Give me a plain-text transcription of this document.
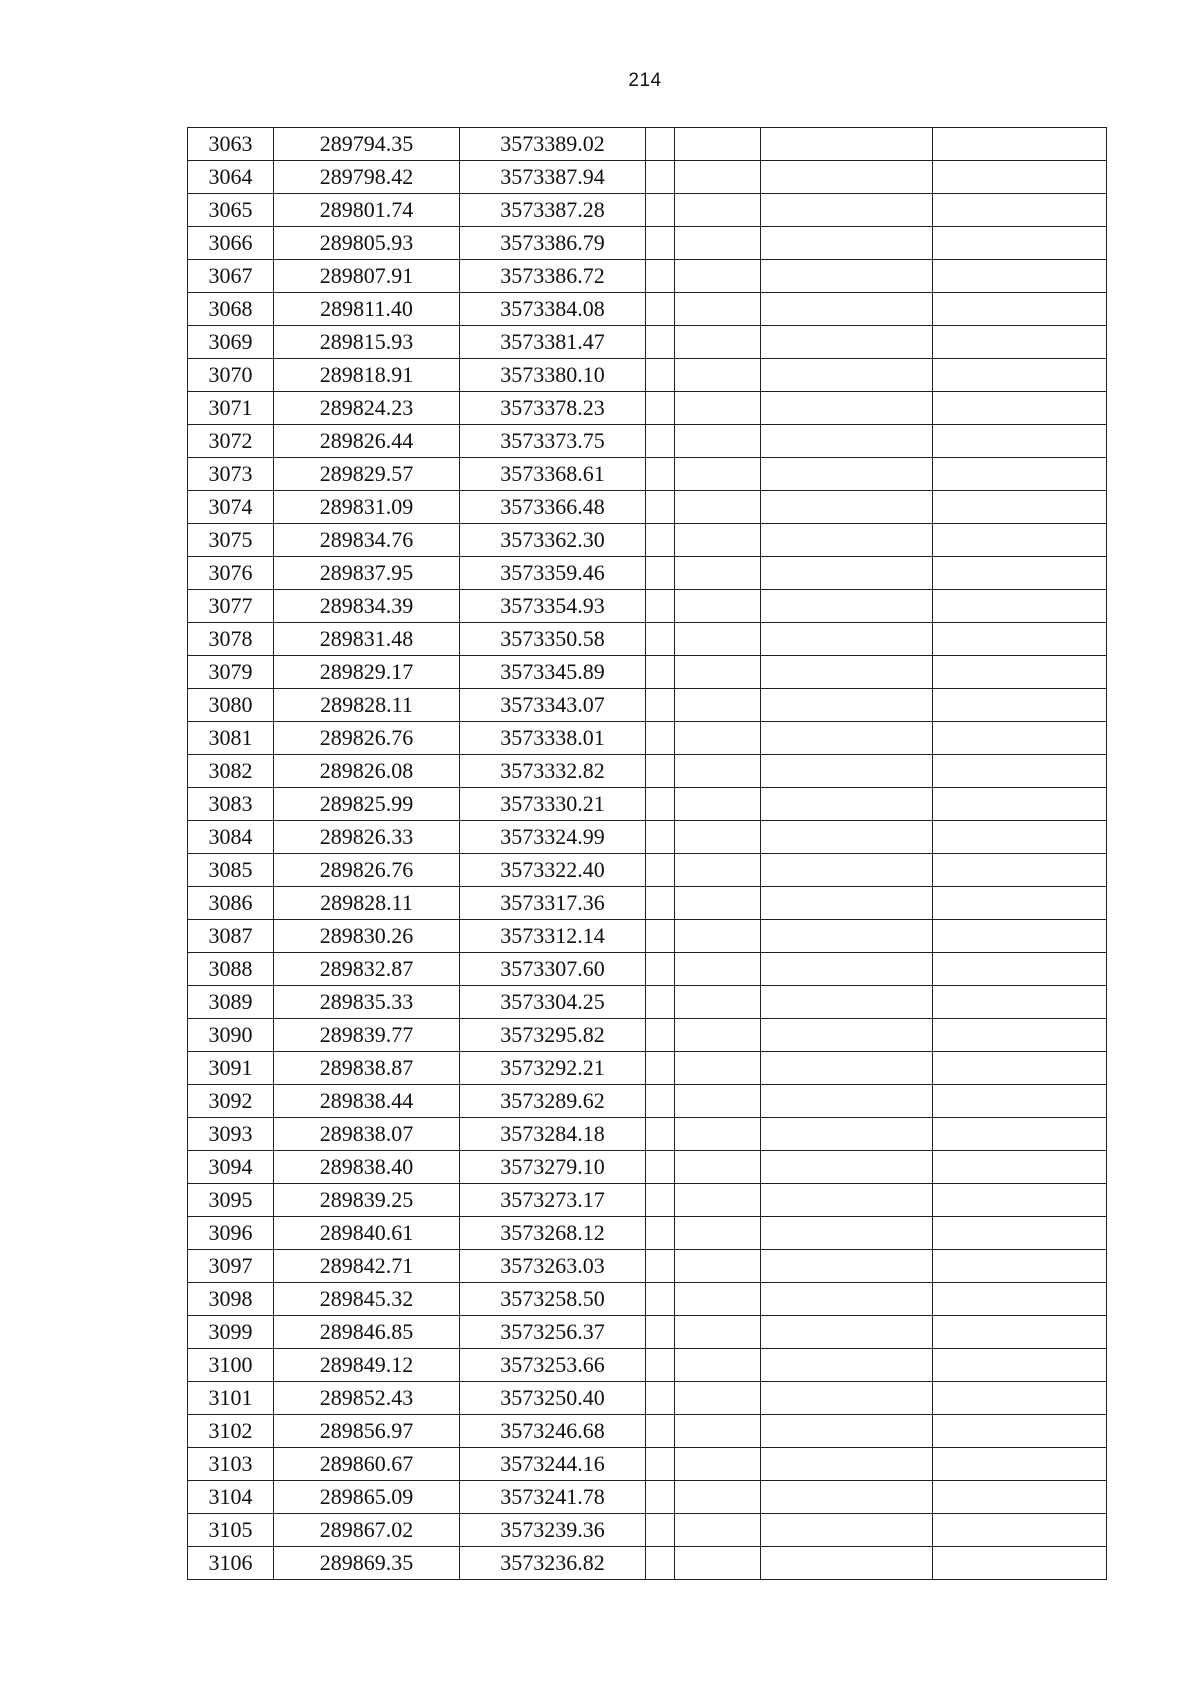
214
3063	289794.35	3573389.02				
3064	289798.42	3573387.94				
3065	289801.74	3573387.28				
3066	289805.93	3573386.79				
3067	289807.91	3573386.72				
3068	289811.40	3573384.08				
3069	289815.93	3573381.47				
3070	289818.91	3573380.10				
3071	289824.23	3573378.23				
3072	289826.44	3573373.75				
3073	289829.57	3573368.61				
3074	289831.09	3573366.48				
3075	289834.76	3573362.30				
3076	289837.95	3573359.46				
3077	289834.39	3573354.93				
3078	289831.48	3573350.58				
3079	289829.17	3573345.89				
3080	289828.11	3573343.07				
3081	289826.76	3573338.01				
3082	289826.08	3573332.82				
3083	289825.99	3573330.21				
3084	289826.33	3573324.99				
3085	289826.76	3573322.40				
3086	289828.11	3573317.36				
3087	289830.26	3573312.14				
3088	289832.87	3573307.60				
3089	289835.33	3573304.25				
3090	289839.77	3573295.82				
3091	289838.87	3573292.21				
3092	289838.44	3573289.62				
3093	289838.07	3573284.18				
3094	289838.40	3573279.10				
3095	289839.25	3573273.17				
3096	289840.61	3573268.12				
3097	289842.71	3573263.03				
3098	289845.32	3573258.50				
3099	289846.85	3573256.37				
3100	289849.12	3573253.66				
3101	289852.43	3573250.40				
3102	289856.97	3573246.68				
3103	289860.67	3573244.16				
3104	289865.09	3573241.78				
3105	289867.02	3573239.36				
3106	289869.35	3573236.82				
